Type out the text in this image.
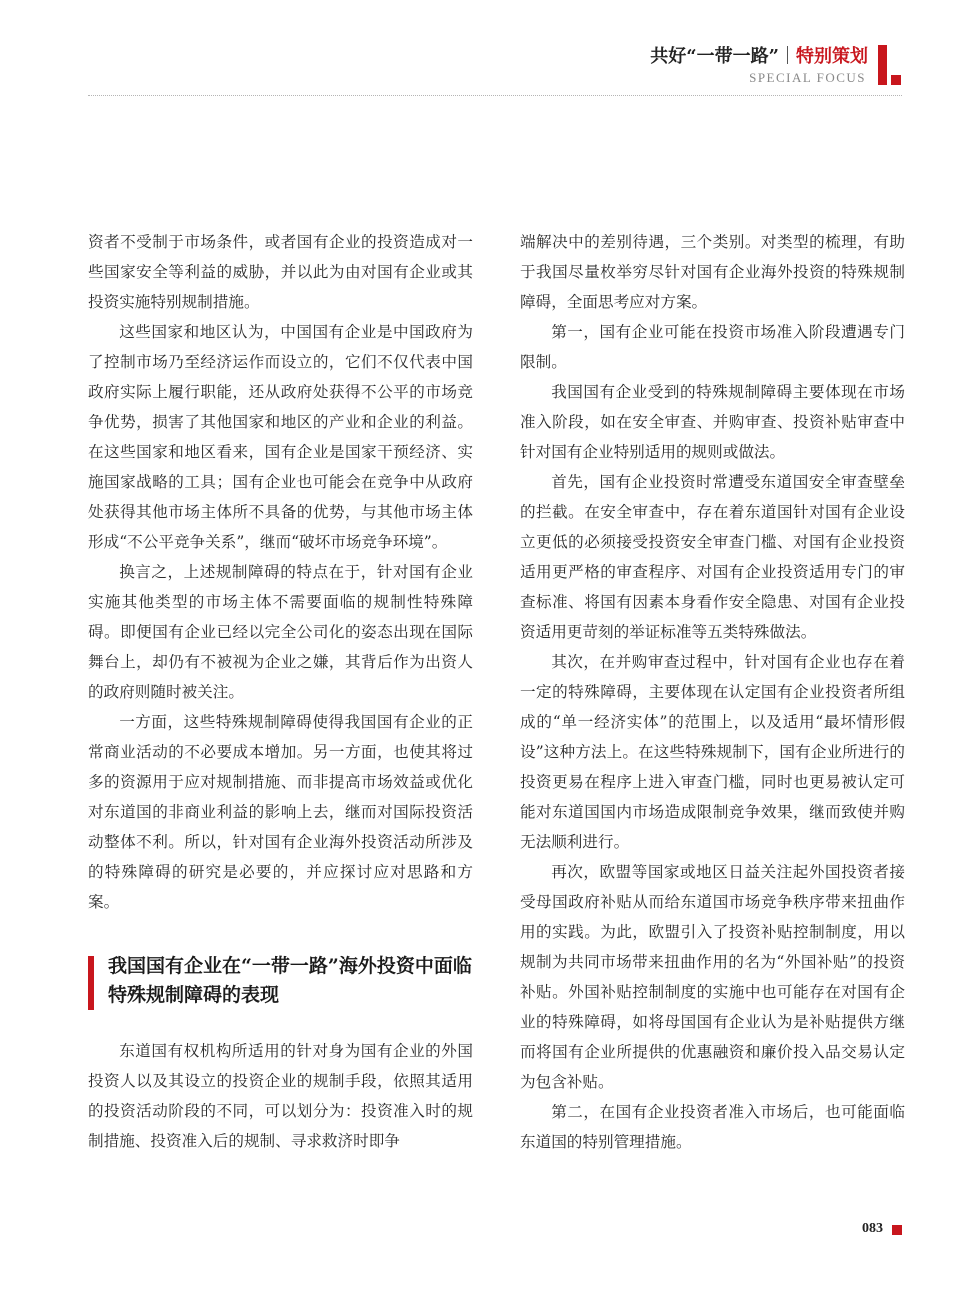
共好“一带一路” 特别策划
SPECIAL FOCUS

资者不受制于市场条件，或者国有企业的投资造成对一些国家安全等利益的威胁，并以此为由对国有企业或其投资实施特别规制措施。

这些国家和地区认为，中国国有企业是中国政府为了控制市场乃至经济运作而设立的，它们不仅代表中国政府实际上履行职能，还从政府处获得不公平的市场竞争优势，损害了其他国家和地区的产业和企业的利益。在这些国家和地区看来，国有企业是国家干预经济、实施国家战略的工具；国有企业也可能会在竞争中从政府处获得其他市场主体所不具备的优势，与其他市场主体形成“不公平竞争关系”，继而“破坏市场竞争环境”。

换言之，上述规制障碍的特点在于，针对国有企业实施其他类型的市场主体不需要面临的规制性特殊障碍。即便国有企业已经以完全公司化的姿态出现在国际舞台上，却仍有不被视为企业之嫌，其背后作为出资人的政府则随时被关注。

一方面，这些特殊规制障碍使得我国国有企业的正常商业活动的不必要成本增加。另一方面，也使其将过多的资源用于应对规制措施、而非提高市场效益或优化对东道国的非商业利益的影响上去，继而对国际投资活动整体不利。所以，针对国有企业海外投资活动所涉及的特殊障碍的研究是必要的，并应探讨应对思路和方案。

我国国有企业在“一带一路”海外投资中面临特殊规制障碍的表现

东道国有权机构所适用的针对身为国有企业的外国投资人以及其设立的投资企业的规制手段，依照其适用的投资活动阶段的不同，可以划分为：投资准入时的规制措施、投资准入后的规制、寻求救济时即争

端解决中的差别待遇，三个类别。对类型的梳理，有助于我国尽量枚举穷尽针对国有企业海外投资的特殊规制障碍，全面思考应对方案。

第一，国有企业可能在投资市场准入阶段遭遇专门限制。

我国国有企业受到的特殊规制障碍主要体现在市场准入阶段，如在安全审查、并购审查、投资补贴审查中针对国有企业特别适用的规则或做法。

首先，国有企业投资时常遭受东道国安全审查壁垒的拦截。在安全审查中，存在着东道国针对国有企业设立更低的必须接受投资安全审查门槛、对国有企业投资适用更严格的审查程序、对国有企业投资适用专门的审查标准、将国有因素本身看作安全隐患、对国有企业投资适用更苛刻的举证标准等五类特殊做法。

其次，在并购审查过程中，针对国有企业也存在着一定的特殊障碍，主要体现在认定国有企业投资者所组成的“单一经济实体”的范围上，以及适用“最坏情形假设”这种方法上。在这些特殊规制下，国有企业所进行的投资更易在程序上进入审查门槛，同时也更易被认定可能对东道国国内市场造成限制竞争效果，继而致使并购无法顺利进行。

再次，欧盟等国家或地区日益关注起外国投资者接受母国政府补贴从而给东道国市场竞争秩序带来扭曲作用的实践。为此，欧盟引入了投资补贴控制制度，用以规制为共同市场带来扭曲作用的名为“外国补贴”的投资补贴。外国补贴控制制度的实施中也可能存在对国有企业的特殊障碍，如将母国国有企业认为是补贴提供方继而将国有企业所提供的优惠融资和廉价投入品交易认定为包含补贴。

第二，在国有企业投资者准入市场后，也可能面临东道国的特别管理措施。

083
